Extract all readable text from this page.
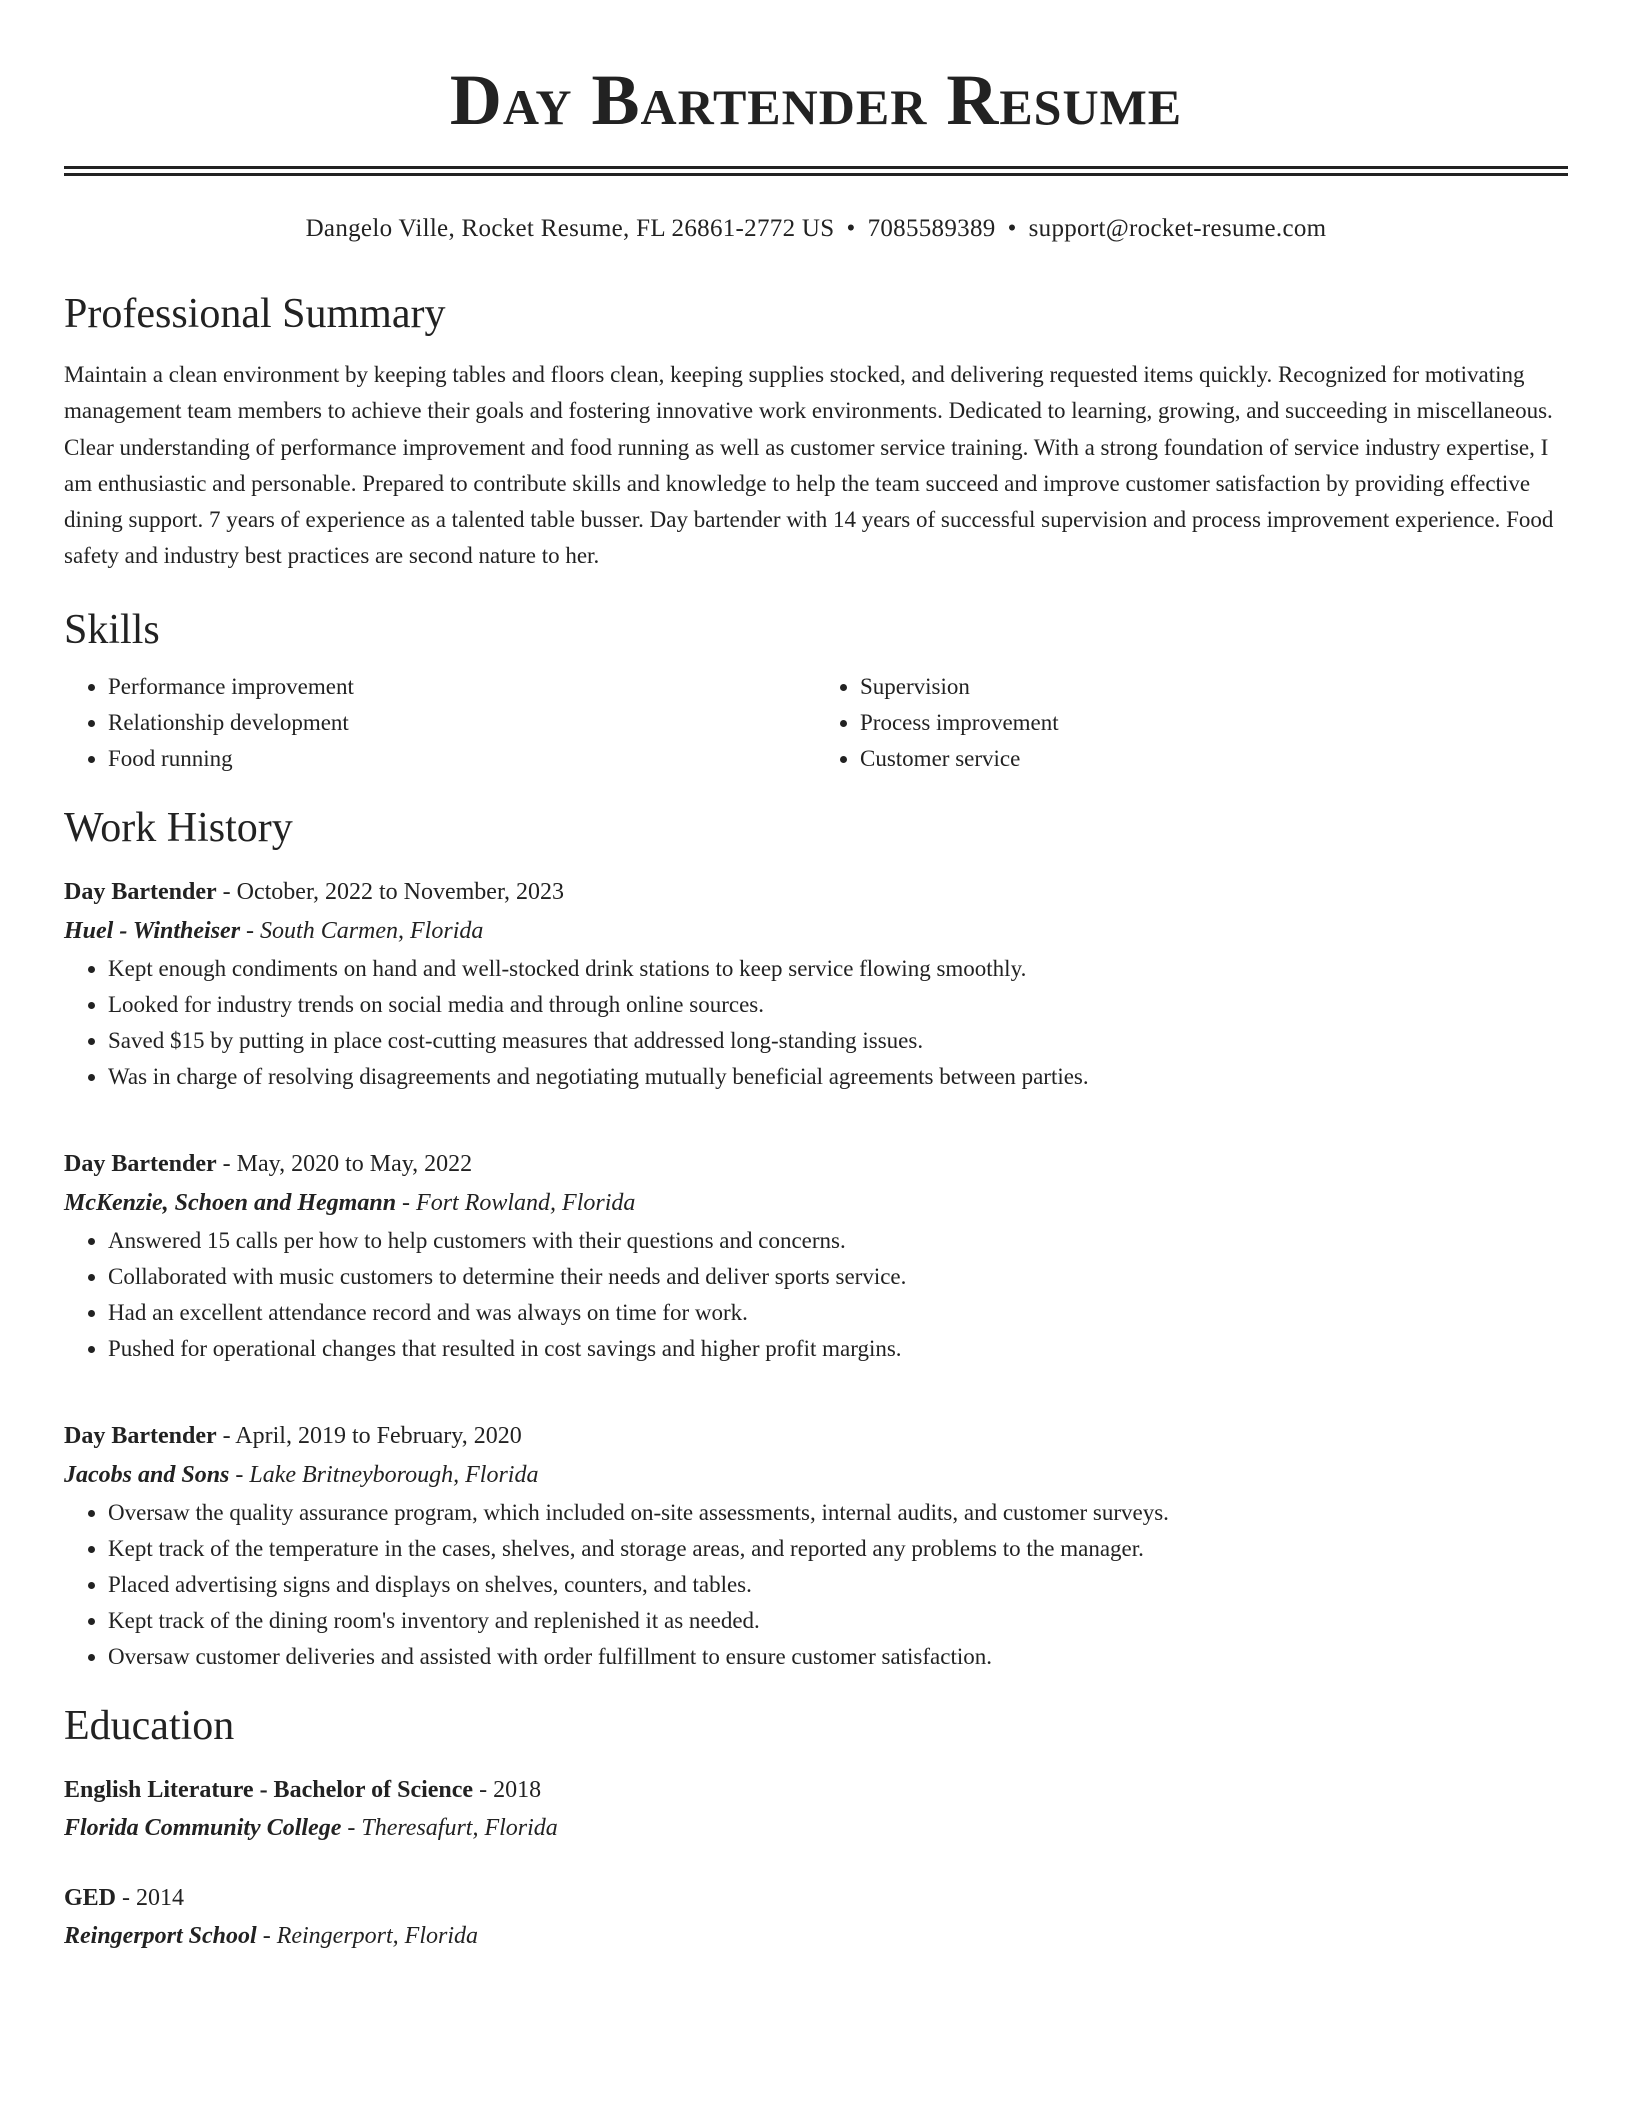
Day Bartender Resume
Dangelo Ville, Rocket Resume, FL 26861-2772 US • 7085589389 • support@rocket-resume.com
Professional Summary

Maintain a clean environment by keeping tables and floors clean, keeping supplies stocked, and delivering requested items quickly. Recognized for motivating management team members to achieve their goals and fostering innovative work environments. Dedicated to learning, growing, and succeeding in miscellaneous. Clear understanding of performance improvement and food running as well as customer service training. With a strong foundation of service industry expertise, I am enthusiastic and personable. Prepared to contribute skills and knowledge to help the team succeed and improve customer satisfaction by providing effective dining support. 7 years of experience as a talented table busser. Day bartender with 14 years of successful supervision and process improvement experience. Food safety and industry best practices are second nature to her.

Skills
• Performance improvement
• Relationship development
• Food running
• Supervision
• Process improvement
• Customer service
Work History
Day Bartender - October, 2022 to November, 2023
Huel - Wintheiser - South Carmen, Florida
• Kept enough condiments on hand and well-stocked drink stations to keep service flowing smoothly.
• Looked for industry trends on social media and through online sources.
• Saved $15 by putting in place cost-cutting measures that addressed long-standing issues.
• Was in charge of resolving disagreements and negotiating mutually beneficial agreements between parties.
Day Bartender - May, 2020 to May, 2022
McKenzie, Schoen and Hegmann - Fort Rowland, Florida
• Answered 15 calls per how to help customers with their questions and concerns.
• Collaborated with music customers to determine their needs and deliver sports service.
• Had an excellent attendance record and was always on time for work.
• Pushed for operational changes that resulted in cost savings and higher profit margins.
Day Bartender - April, 2019 to February, 2020
Jacobs and Sons - Lake Britneyborough, Florida
• Oversaw the quality assurance program, which included on-site assessments, internal audits, and customer surveys.
• Kept track of the temperature in the cases, shelves, and storage areas, and reported any problems to the manager.
• Placed advertising signs and displays on shelves, counters, and tables.
• Kept track of the dining room's inventory and replenished it as needed.
• Oversaw customer deliveries and assisted with order fulfillment to ensure customer satisfaction.
Education
English Literature - Bachelor of Science - 2018
Florida Community College - Theresafurt, Florida
GED - 2014
Reingerport School - Reingerport, Florida
